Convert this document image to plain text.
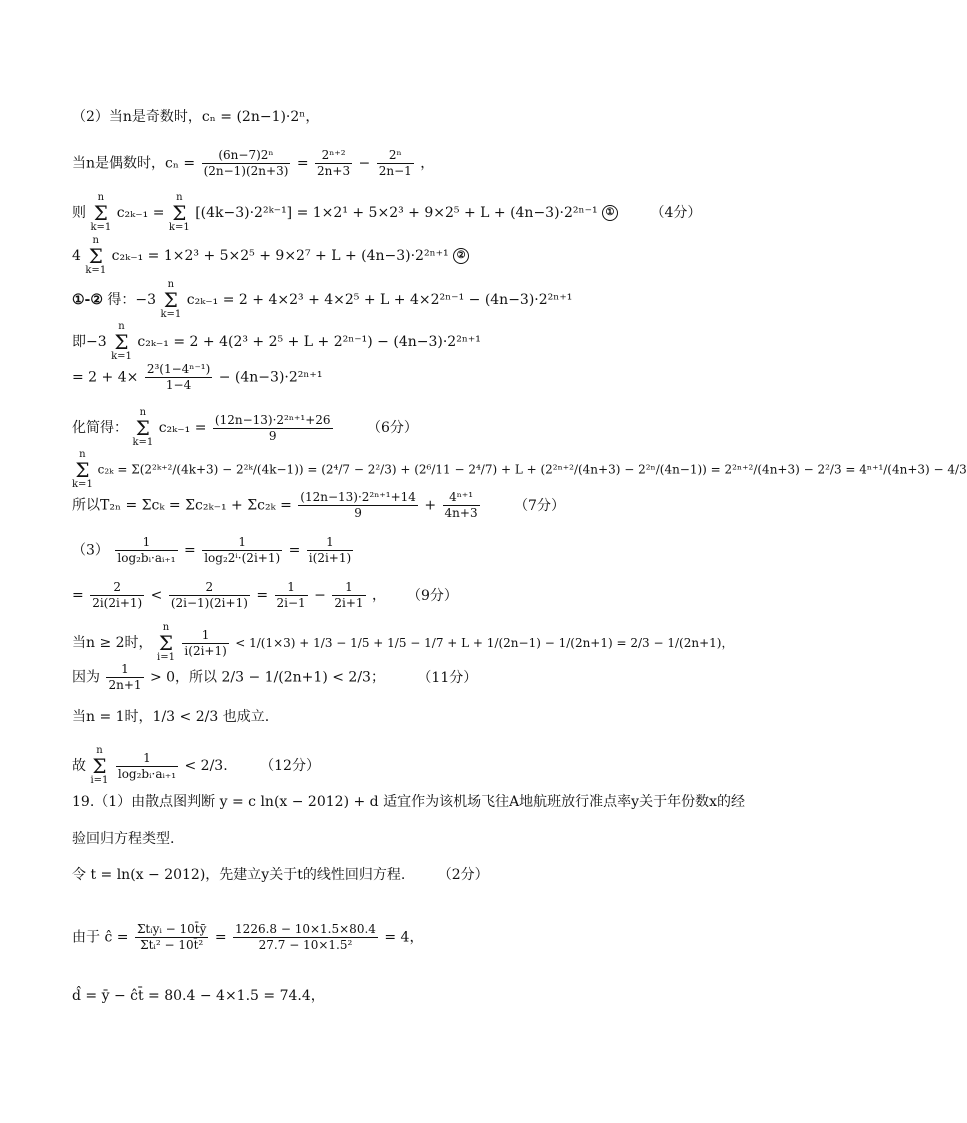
（2）当n是奇数时，cₙ = (2n−1)·2ⁿ，
当n是偶数时，$c_n = \frac{\text{(6n−7)2ⁿ}}{(2n-1)(2n+3)} = \frac{\text{2ⁿ⁺²}}{2n+3} - \frac{\text{2ⁿ}}{2n-1}$ ，
则 n
Σ
k=1 c₂ₖ₋₁ = n
Σ
k=1 [(4k−3)·2²ᵏ⁻¹] = 1×2¹ + 5×2³ + 9×2⁵ + L + (4n−3)·2²ⁿ⁻¹ ①	（4分）
4 n
Σ
k=1 c₂ₖ₋₁ = 1×2³ + 5×2⁵ + 9×2⁷ + L + (4n−3)·2²ⁿ⁺¹ ②
①-② 得：−3 n
Σ
k=1 c₂ₖ₋₁ = 2 + 4×2³ + 4×2⁵ + L + 4×2²ⁿ⁻¹ − (4n−3)·2²ⁿ⁺¹
即−3 n
Σ
k=1 c₂ₖ₋₁ = 2 + 4(2³ + 2⁵ + L + 2²ⁿ⁻¹) − (4n−3)·2²ⁿ⁺¹
= $2 + 4\times \frac{\text{2³(1−4ⁿ⁻¹)}}{1-4} - (4n-3)\cdot 2^{2n+1}$
化简得： n
Σ
k=1 $c_{2k-1} = \frac{\text{(12n−13)·2²ⁿ⁺¹+26}}{9} (6$分）
n
Σ
k=1 c₂ₖ = Σ(2²ᵏ⁺²/(4k+3) − 2²ᵏ/(4k−1)) = (2⁴/7 − 2²/3) + (2⁶/11 − 2⁴/7) + L + (2²ⁿ⁺²/(4n+3) − 2²ⁿ/(4n−1)) = 2²ⁿ⁺²/(4n+3) − 2²/3 = 4ⁿ⁺¹/(4n+3) − 4/3
所以$T_{2n} = \Sigma c_k = \Sigma c_{2k-1} + \Sigma c_{2k} = \frac{\text{(12n−13)·2²ⁿ⁺¹+14}}{9} + \frac{\text{4ⁿ⁺¹}}{4n+3} (7$分）
$(3) \frac{1}{\text{log₂bᵢ·aᵢ₊₁}} = \frac{1}{\text{log₂2ⁱ·(2i+1)}} = \frac{1}{i(2i+1)}$
= $\frac{2}{2i(2i+1)} < \frac{2}{(2i-1)(2i+1)} = \frac{1}{2i-1} - \frac{1}{2i+1}$ ， （9分）
当n ≥ 2时， n
Σ
$i=1 \frac{1}{i(2i+1)} < 1/(1\times 3) + 1/3 - 1/5 + 1/5 - 1/7 + L + 1/(2n-1) - 1/(2n+1) = 2/3 - 1/(2n+1)$，
因为 $\frac{1}{2n+1} > 0$，所以 2/3 − 1/(2n+1) < 2/3； （11分）
当n = 1时，1/3 < 2/3 也成立.
故 n
Σ
$i=1 \frac{1}{\text{log₂bᵢ·aᵢ₊₁}} < 2/3$. （12分）
19.（1）由散点图判断 y = c ln(x − 2012) + d 适宜作为该机场飞往A地航班放行准点率y关于年份数x的经
验回归方程类型.
令 t = ln(x − 2012)，先建立y关于t的线性回归方程. （2分）
由于 ĉ =
Σtᵢyᵢ − 10t̄ȳ
Σtᵢ² − 10t̄² = $\frac{1226.8 - 10\times 1.5\times 80.4}{\text{27.7 − 10×1.5²}} = 4$，
d̂ = ȳ − ĉt̄ = 80.4 − 4×1.5 = 74.4，
